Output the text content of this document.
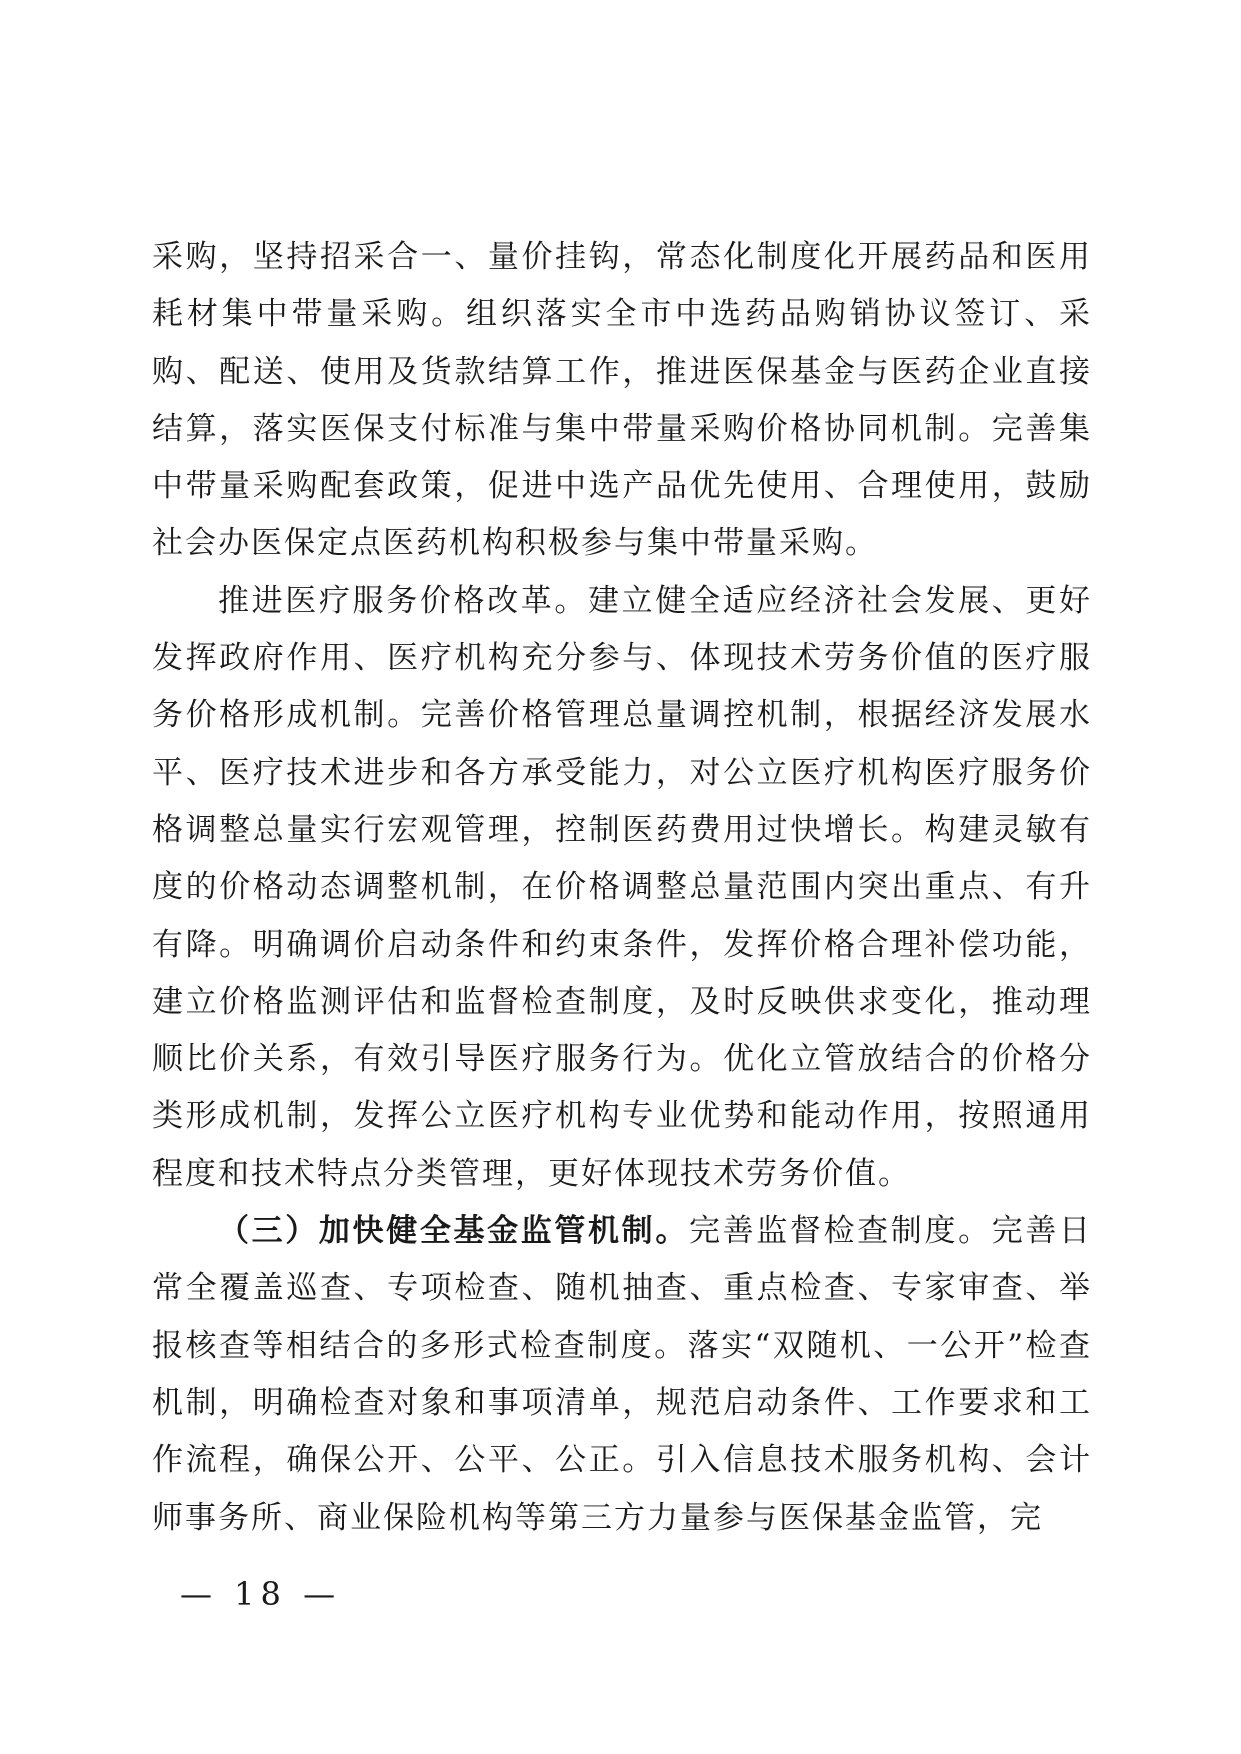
采购，坚持招采合一、量价挂钩，常态化制度化开展药品和医用耗材集中带量采购。组织落实全市中选药品购销协议签订、采购、配送、使用及货款结算工作，推进医保基金与医药企业直接结算，落实医保支付标准与集中带量采购价格协同机制。完善集中带量采购配套政策，促进中选产品优先使用、合理使用，鼓励社会办医保定点医药机构积极参与集中带量采购。

推进医疗服务价格改革。建立健全适应经济社会发展、更好发挥政府作用、医疗机构充分参与、体现技术劳务价值的医疗服务价格形成机制。完善价格管理总量调控机制，根据经济发展水平、医疗技术进步和各方承受能力，对公立医疗机构医疗服务价格调整总量实行宏观管理，控制医药费用过快增长。构建灵敏有度的价格动态调整机制，在价格调整总量范围内突出重点、有升有降。明确调价启动条件和约束条件，发挥价格合理补偿功能，建立价格监测评估和监督检查制度，及时反映供求变化，推动理顺比价关系，有效引导医疗服务行为。优化立管放结合的价格分类形成机制，发挥公立医疗机构专业优势和能动作用，按照通用程度和技术特点分类管理，更好体现技术劳务价值。

（三）加快健全基金监管机制。完善监督检查制度。完善日常全覆盖巡查、专项检查、随机抽查、重点检查、专家审查、举报核查等相结合的多形式检查制度。落实“双随机、一公开”检查机制，明确检查对象和事项清单，规范启动条件、工作要求和工作流程，确保公开、公平、公正。引入信息技术服务机构、会计师事务所、商业保险机构等第三方力量参与医保基金监管，完

— 18 —
